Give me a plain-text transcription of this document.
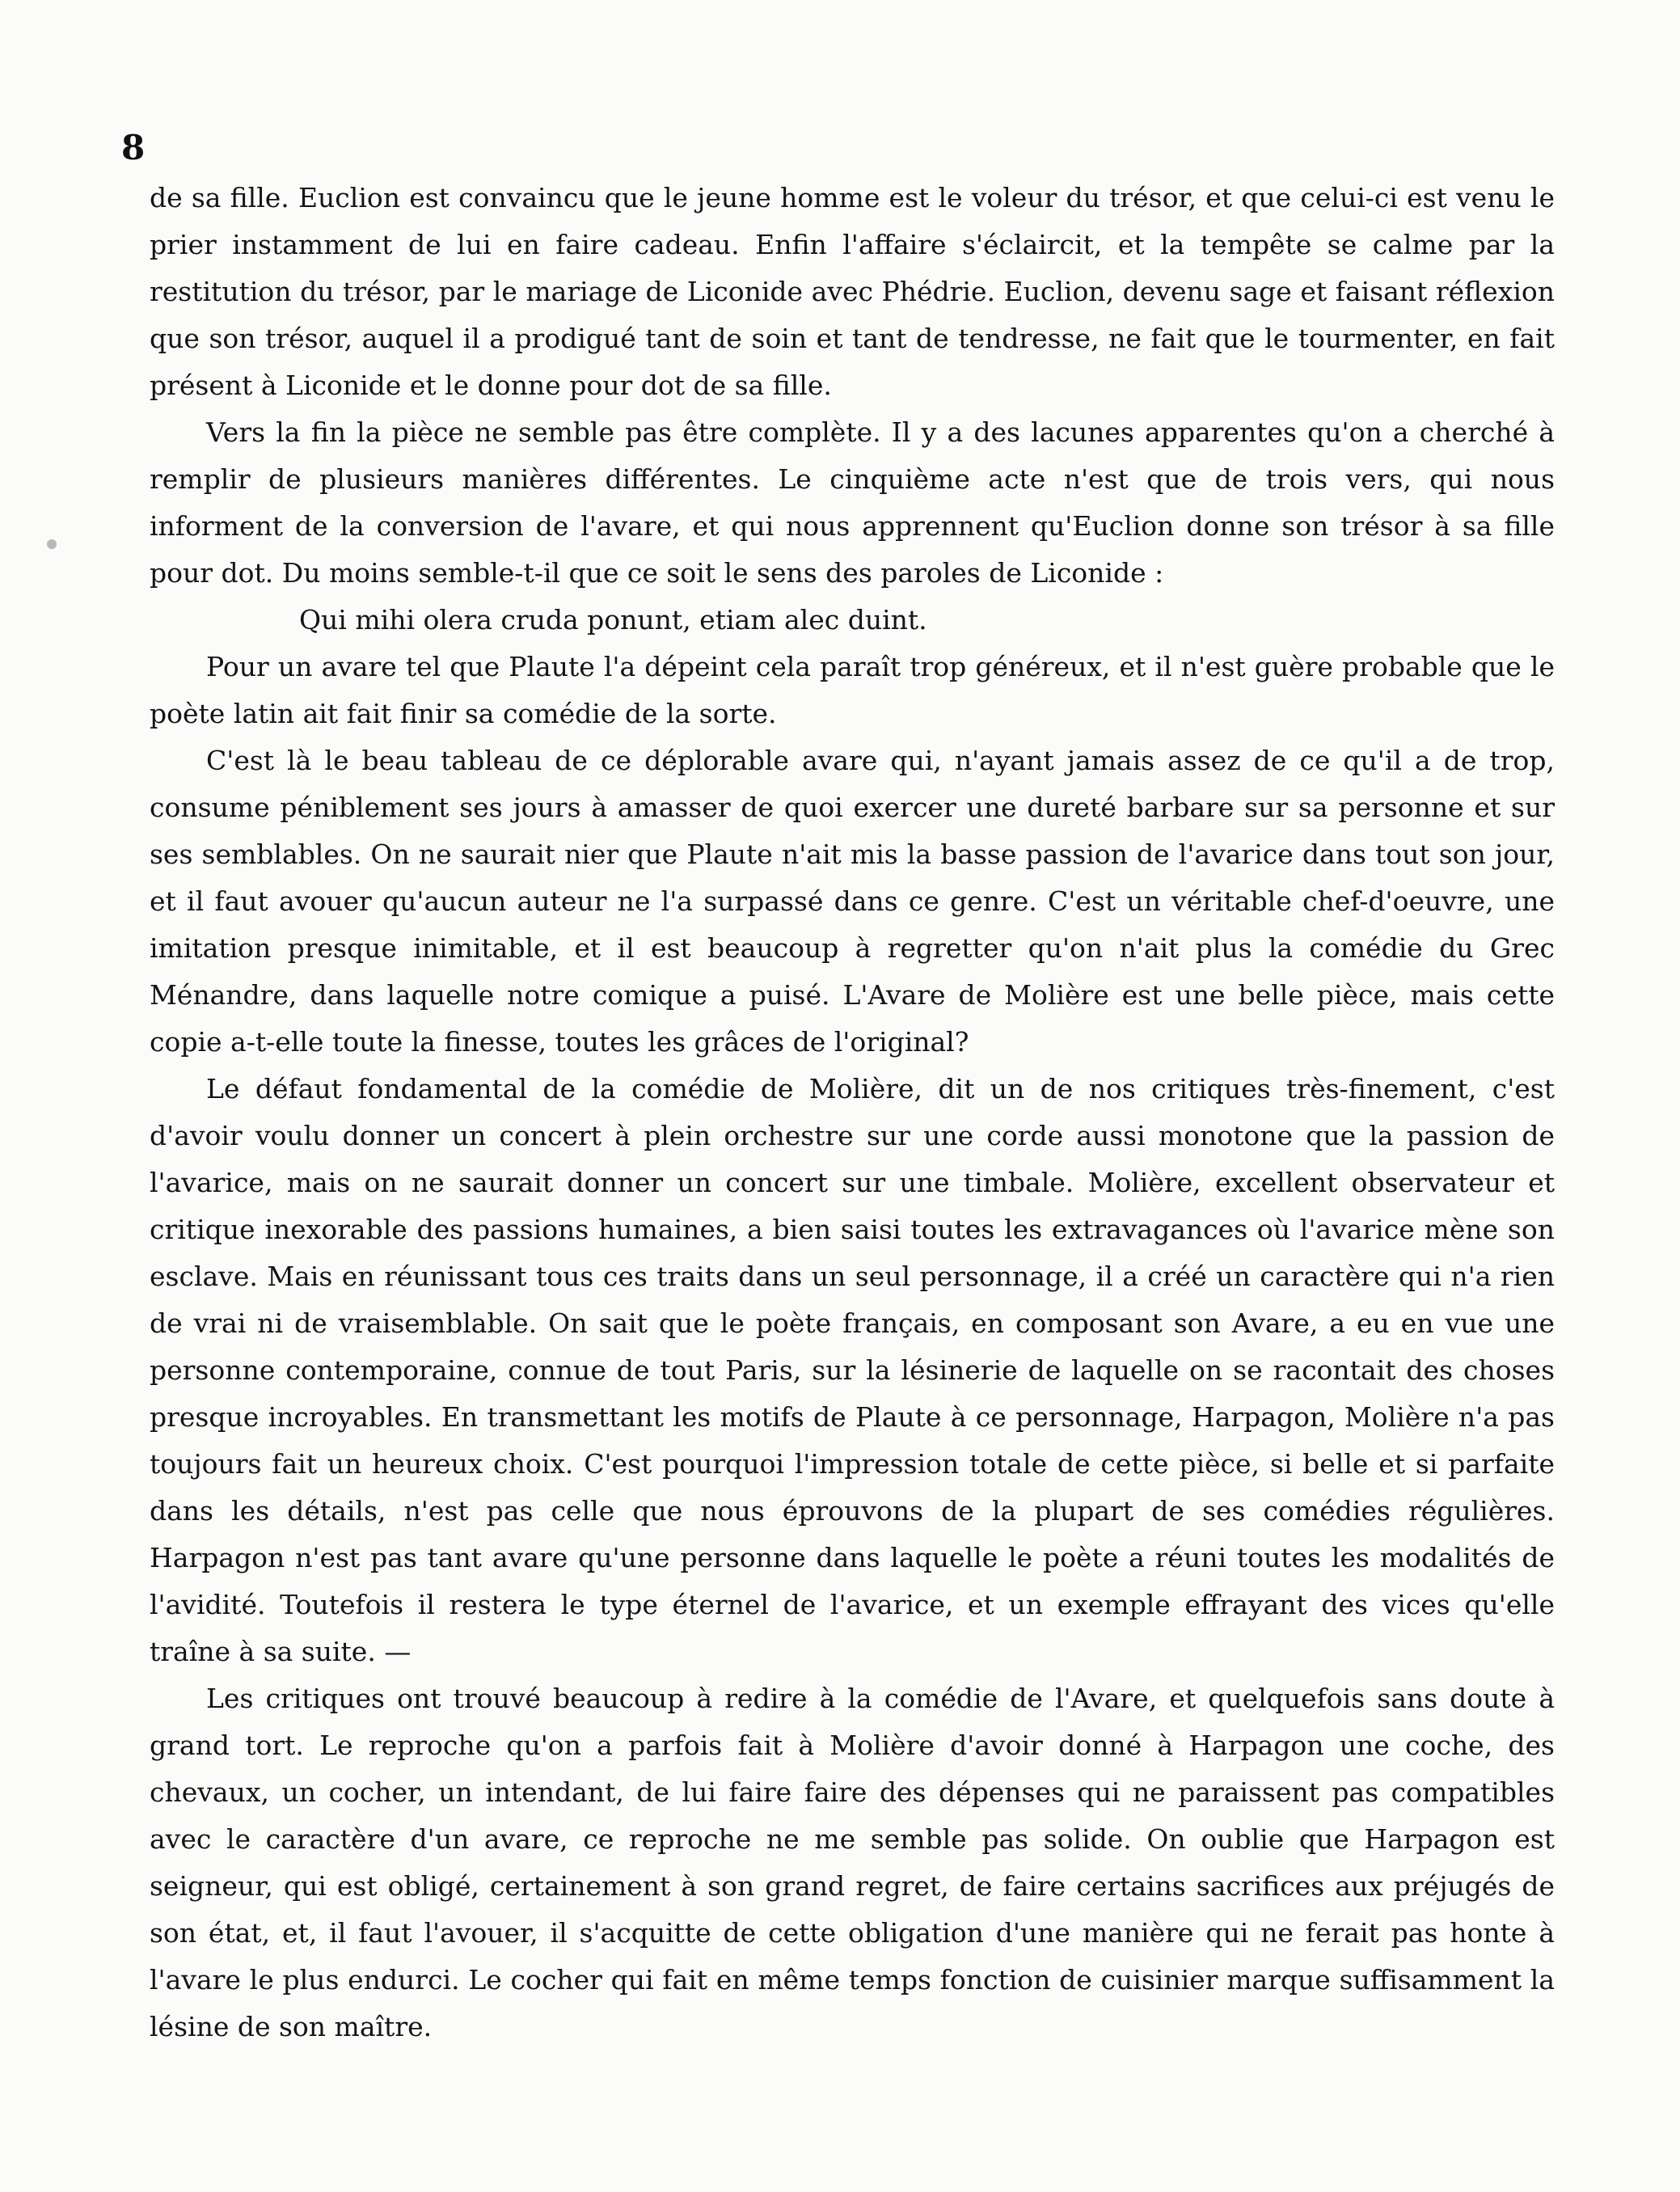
8

de sa fille. Euclion est convaincu que le jeune homme est le voleur du trésor, et que celui-ci est venu le prier instamment de lui en faire cadeau. Enfin l'affaire s'éclaircit, et la tempête se calme par la restitution du trésor, par le mariage de Liconide avec Phédrie. Euclion, devenu sage et faisant réflexion que son trésor, auquel il a prodigué tant de soin et tant de tendresse, ne fait que le tourmenter, en fait présent à Liconide et le donne pour dot de sa fille.

Vers la fin la pièce ne semble pas être complète. Il y a des lacunes apparentes qu'on a cherché à remplir de plusieurs manières différentes. Le cinquième acte n'est que de trois vers, qui nous informent de la conversion de l'avare, et qui nous apprennent qu'Euclion donne son trésor à sa fille pour dot. Du moins semble-t-il que ce soit le sens des paroles de Liconide :

Qui mihi olera cruda ponunt, etiam alec duint.

Pour un avare tel que Plaute l'a dépeint cela paraît trop généreux, et il n'est guère probable que le poète latin ait fait finir sa comédie de la sorte.

C'est là le beau tableau de ce déplorable avare qui, n'ayant jamais assez de ce qu'il a de trop, consume péniblement ses jours à amasser de quoi exercer une dureté barbare sur sa personne et sur ses semblables. On ne saurait nier que Plaute n'ait mis la basse passion de l'avarice dans tout son jour, et il faut avouer qu'aucun auteur ne l'a surpassé dans ce genre. C'est un véritable chef-d'oeuvre, une imitation presque inimitable, et il est beaucoup à regretter qu'on n'ait plus la comédie du Grec Ménandre, dans laquelle notre comique a puisé. L'Avare de Molière est une belle pièce, mais cette copie a-t-elle toute la finesse, toutes les grâces de l'original?

Le défaut fondamental de la comédie de Molière, dit un de nos critiques très-finement, c'est d'avoir voulu donner un concert à plein orchestre sur une corde aussi monotone que la passion de l'avarice, mais on ne saurait donner un concert sur une timbale. Molière, excellent observateur et critique inexorable des passions humaines, a bien saisi toutes les extravagances où l'avarice mène son esclave. Mais en réunissant tous ces traits dans un seul personnage, il a créé un caractère qui n'a rien de vrai ni de vraisemblable. On sait que le poète français, en composant son Avare, a eu en vue une personne contemporaine, connue de tout Paris, sur la lésinerie de laquelle on se racontait des choses presque incroyables. En transmettant les motifs de Plaute à ce personnage, Harpagon, Molière n'a pas toujours fait un heureux choix. C'est pourquoi l'impression totale de cette pièce, si belle et si parfaite dans les détails, n'est pas celle que nous éprouvons de la plupart de ses comédies régulières. Harpagon n'est pas tant avare qu'une personne dans laquelle le poète a réuni toutes les modalités de l'avidité. Toutefois il restera le type éternel de l'avarice, et un exemple effrayant des vices qu'elle traîne à sa suite. —

Les critiques ont trouvé beaucoup à redire à la comédie de l'Avare, et quelquefois sans doute à grand tort. Le reproche qu'on a parfois fait à Molière d'avoir donné à Harpagon une coche, des chevaux, un cocher, un intendant, de lui faire faire des dépenses qui ne paraissent pas compatibles avec le caractère d'un avare, ce reproche ne me semble pas solide. On oublie que Harpagon est seigneur, qui est obligé, certainement à son grand regret, de faire certains sacrifices aux préjugés de son état, et, il faut l'avouer, il s'acquitte de cette obligation d'une manière qui ne ferait pas honte à l'avare le plus endurci. Le cocher qui fait en même temps fonction de cuisinier marque suffisamment la lésine de son maître.
